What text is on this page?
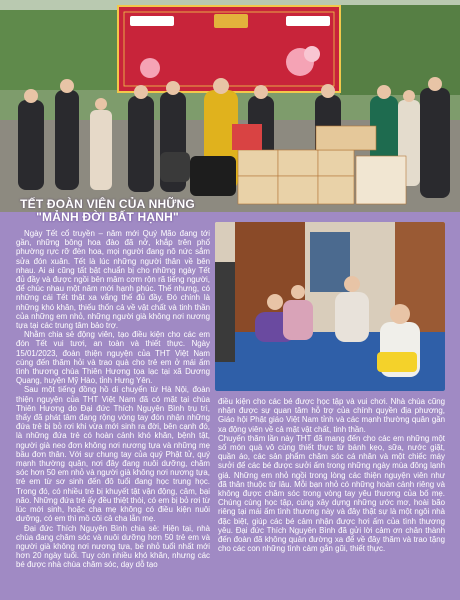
TẾT ĐOÀN VIÊN CỦA NHỮNG
"MẢNH ĐỜI BẤT HẠNH"

Ngày Tết cổ truyền – năm mới Quý Mão đang tới gần, những bông hoa đào đã nở, khắp trên phố phường rực rỡ đèn hoa, mọi người đang nô nức sắm sửa đón xuân. Tết là lúc những người thân về bên nhau. Ai ai cũng tất bật chuẩn bị cho những ngày Tết đủ đầy và được ngồi bên mâm cơm rộn rã tiếng người, để chúc nhau một năm mới hạnh phúc. Thế nhưng, có những cái Tết thật xa vắng thế đủ đầy. Đó chính là những khó khăn, thiếu thốn cả về vật chất và tinh thần của những em nhỏ, những người già không nơi nương tựa tại các trung tâm bảo trợ.

Nhằm chia sẻ động viên, tạo điều kiện cho các em đón Tết vui tươi, an toàn và thiết thực. Ngày 15/01/2023, đoàn thiện nguyện của THT Việt Nam cùng đến thăm hỏi và trao quà cho trẻ em ở mái ấm tình thương chùa Thiên Hương tọa lạc tại xã Dương Quang, huyện Mỹ Hào, tỉnh Hưng Yên.

Sau một tiếng đồng hồ di chuyển từ Hà Nội, đoàn thiện nguyện của THT Việt Nam đã có mặt tại chùa Thiên Hương do Đại đức Thích Nguyên Bình trụ trì, thấy đã phát tâm đang rộng vòng tay đón nhận những đứa trẻ bị bỏ rơi khi vừa mới sinh ra đời, bên cạnh đó, là những đứa trẻ có hoàn cảnh khó khăn, bệnh tật, người già neo đơn không nơi nương tựa và những mẹ bầu đơn thân. Với sự chung tay của quý Phật tử, quý mạnh thường quân, nơi đây đang nuôi dưỡng, chăm sóc hơn 50 em nhỏ và người già không nơi nương tựa, trẻ em từ sơ sinh đến đô tuổi đang học trung học. Trong đó, có nhiều trẻ bị khuyết tật vận động, câm, bại não. Những đứa trẻ ấy đều thiệt thòi, có em bị bỏ rơi từ lúc mới sinh, hoặc cha mẹ không có điều kiện nuôi dưỡng, có em thì mồ côi cả cha lẫn mẹ.

Đại đức Thích Nguyên Bình chia sẻ: Hiện tại, nhà chùa đang chăm sóc và nuôi dưỡng hơn 50 trẻ em và người già không nơi nương tựa, bé nhỏ tuổi nhất mới hơn 20 ngày tuổi. Tuy còn nhiều khó khăn, nhưng các bé được nhà chùa chăm sóc, dạy dỗ tạo

điều kiện cho các bé được học tập và vui chơi. Nhà chùa cũng nhận được sự quan tâm hỗ trợ của chính quyền địa phương, Giáo hội Phật giáo Việt Nam tỉnh và các mạnh thường quân gần xa động viên về cả mặt vật chất, tinh thần.

Chuyến thăm lần này THT đã mang đến cho các em những một số món quà vô cùng thiết thực từ bánh kẹo, sữa, nước giặt, quần áo, các sản phẩm chăm sóc cá nhân và một chiếc máy sưởi để các bé được sưởi ấm trong những ngày mùa đông lạnh giá. Những em nhỏ ngồi trong lòng các thiện nguyện viên như đã thân thuộc từ lâu. Mỗi bạn nhỏ có những hoàn cảnh riêng và không được chăm sóc trong vòng tay yêu thương của bố mẹ. Chúng cùng học tập, cùng xây dựng những ước mơ, hoài bão riêng tại mái ấm tình thương này và đây thật sự là một ngôi nhà đặc biệt, giúp các bé cảm nhận được hơi ấm của tình thương yêu. Đại đức Thích Nguyên Bình đã gửi lời cảm ơn chân thành đến đoàn đã không quản đường xa để về đây thăm và trao tặng cho các con những tình cảm gắn gũi, thiết thực.
